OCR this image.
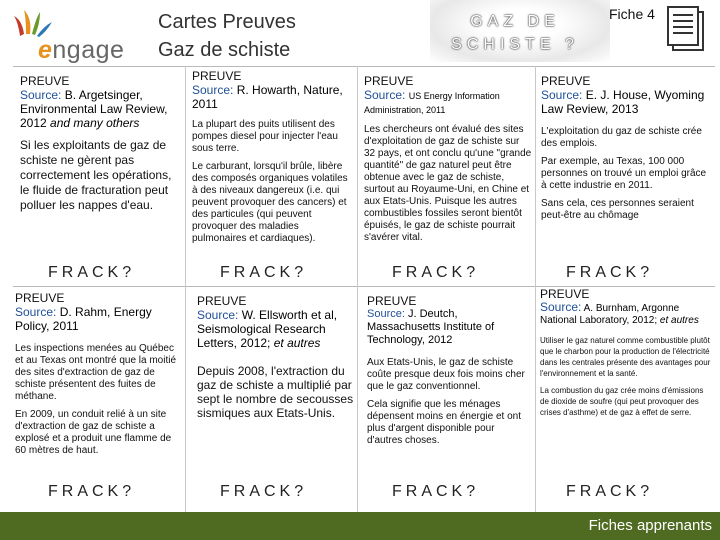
engage
Cartes Preuves
Gaz de schiste
GAZ DE
SCHISTE ?
Fiche 4
PREUVE
Source: B. Argetsinger, Environmental Law Review, 2012 and many others

Si les exploitants de gaz de schiste ne gèrent pas correctement les opérations, le fluide de fracturation peut polluer les nappes d'eau.

FRACK?
PREUVE
Source: R. Howarth, Nature, 2011

La plupart des puits utilisent des pompes diesel pour injecter l'eau sous terre.

Le carburant, lorsqu'il brûle, libère des composés organiques volatiles à des niveaux dangereux (i.e. qui peuvent provoquer des cancers) et des particules (qui peuvent provoquer des maladies pulmonaires et cardiaques).

FRACK?
PREUVE
Source: US Energy Information Administration, 2011

Les chercheurs ont évalué des sites d'exploitation de gaz de schiste sur 32 pays, et ont conclu qu'une "grande quantité" de gaz naturel peut être obtenue avec le gaz de schiste, surtout au Royaume-Uni, en Chine et aux Etats-Unis. Puisque les autres combustibles fossiles seront bientôt épuisés, le gaz de schiste pourrait s'avérer vital.

FRACK?
PREUVE
Source: E. J. House, Wyoming Law Review, 2013

L'exploitation du gaz de schiste crée des emplois.

Par exemple, au Texas, 100 000 personnes on trouvé un emploi grâce à cette industrie en 2011.

Sans cela, ces personnes seraient peut-être au chômage

FRACK?
PREUVE
Source: D. Rahm, Energy Policy, 2011

Les inspections menées au Québec et au Texas ont montré que la moitié des sites d'extraction de gaz de schiste présentent des fuites de méthane.

En 2009, un conduit relié à un site d'extraction de gaz de schiste a explosé et a produit une flamme de 60 mètres de haut.

FRACK?
PREUVE
Source: W. Ellsworth et al, Seismological Research Letters, 2012; et autres

Depuis 2008, l'extraction du gaz de schiste a multiplié par sept le nombre de secousses sismiques aux Etats-Unis.

FRACK?
PREUVE
Source: J. Deutch, Massachusetts Institute of Technology, 2012

Aux Etats-Unis, le gaz de schiste coûte presque deux fois moins cher que le gaz conventionnel.

Cela signifie que les ménages dépensent moins en énergie et ont plus d'argent disponible pour d'autres choses.

FRACK?
PREUVE
Source: A. Burnham, Argonne National Laboratory, 2012; et autres

Utiliser le gaz naturel comme combustible plutôt que le charbon pour la production de l'électricité dans les centrales présente des avantages pour l'environnement et la santé.

La combustion du gaz crée moins d'émissions de dioxide de soufre (qui peut provoquer des crises d'asthme) et de gaz à effet de serre.

FRACK?
Fiches apprenants
